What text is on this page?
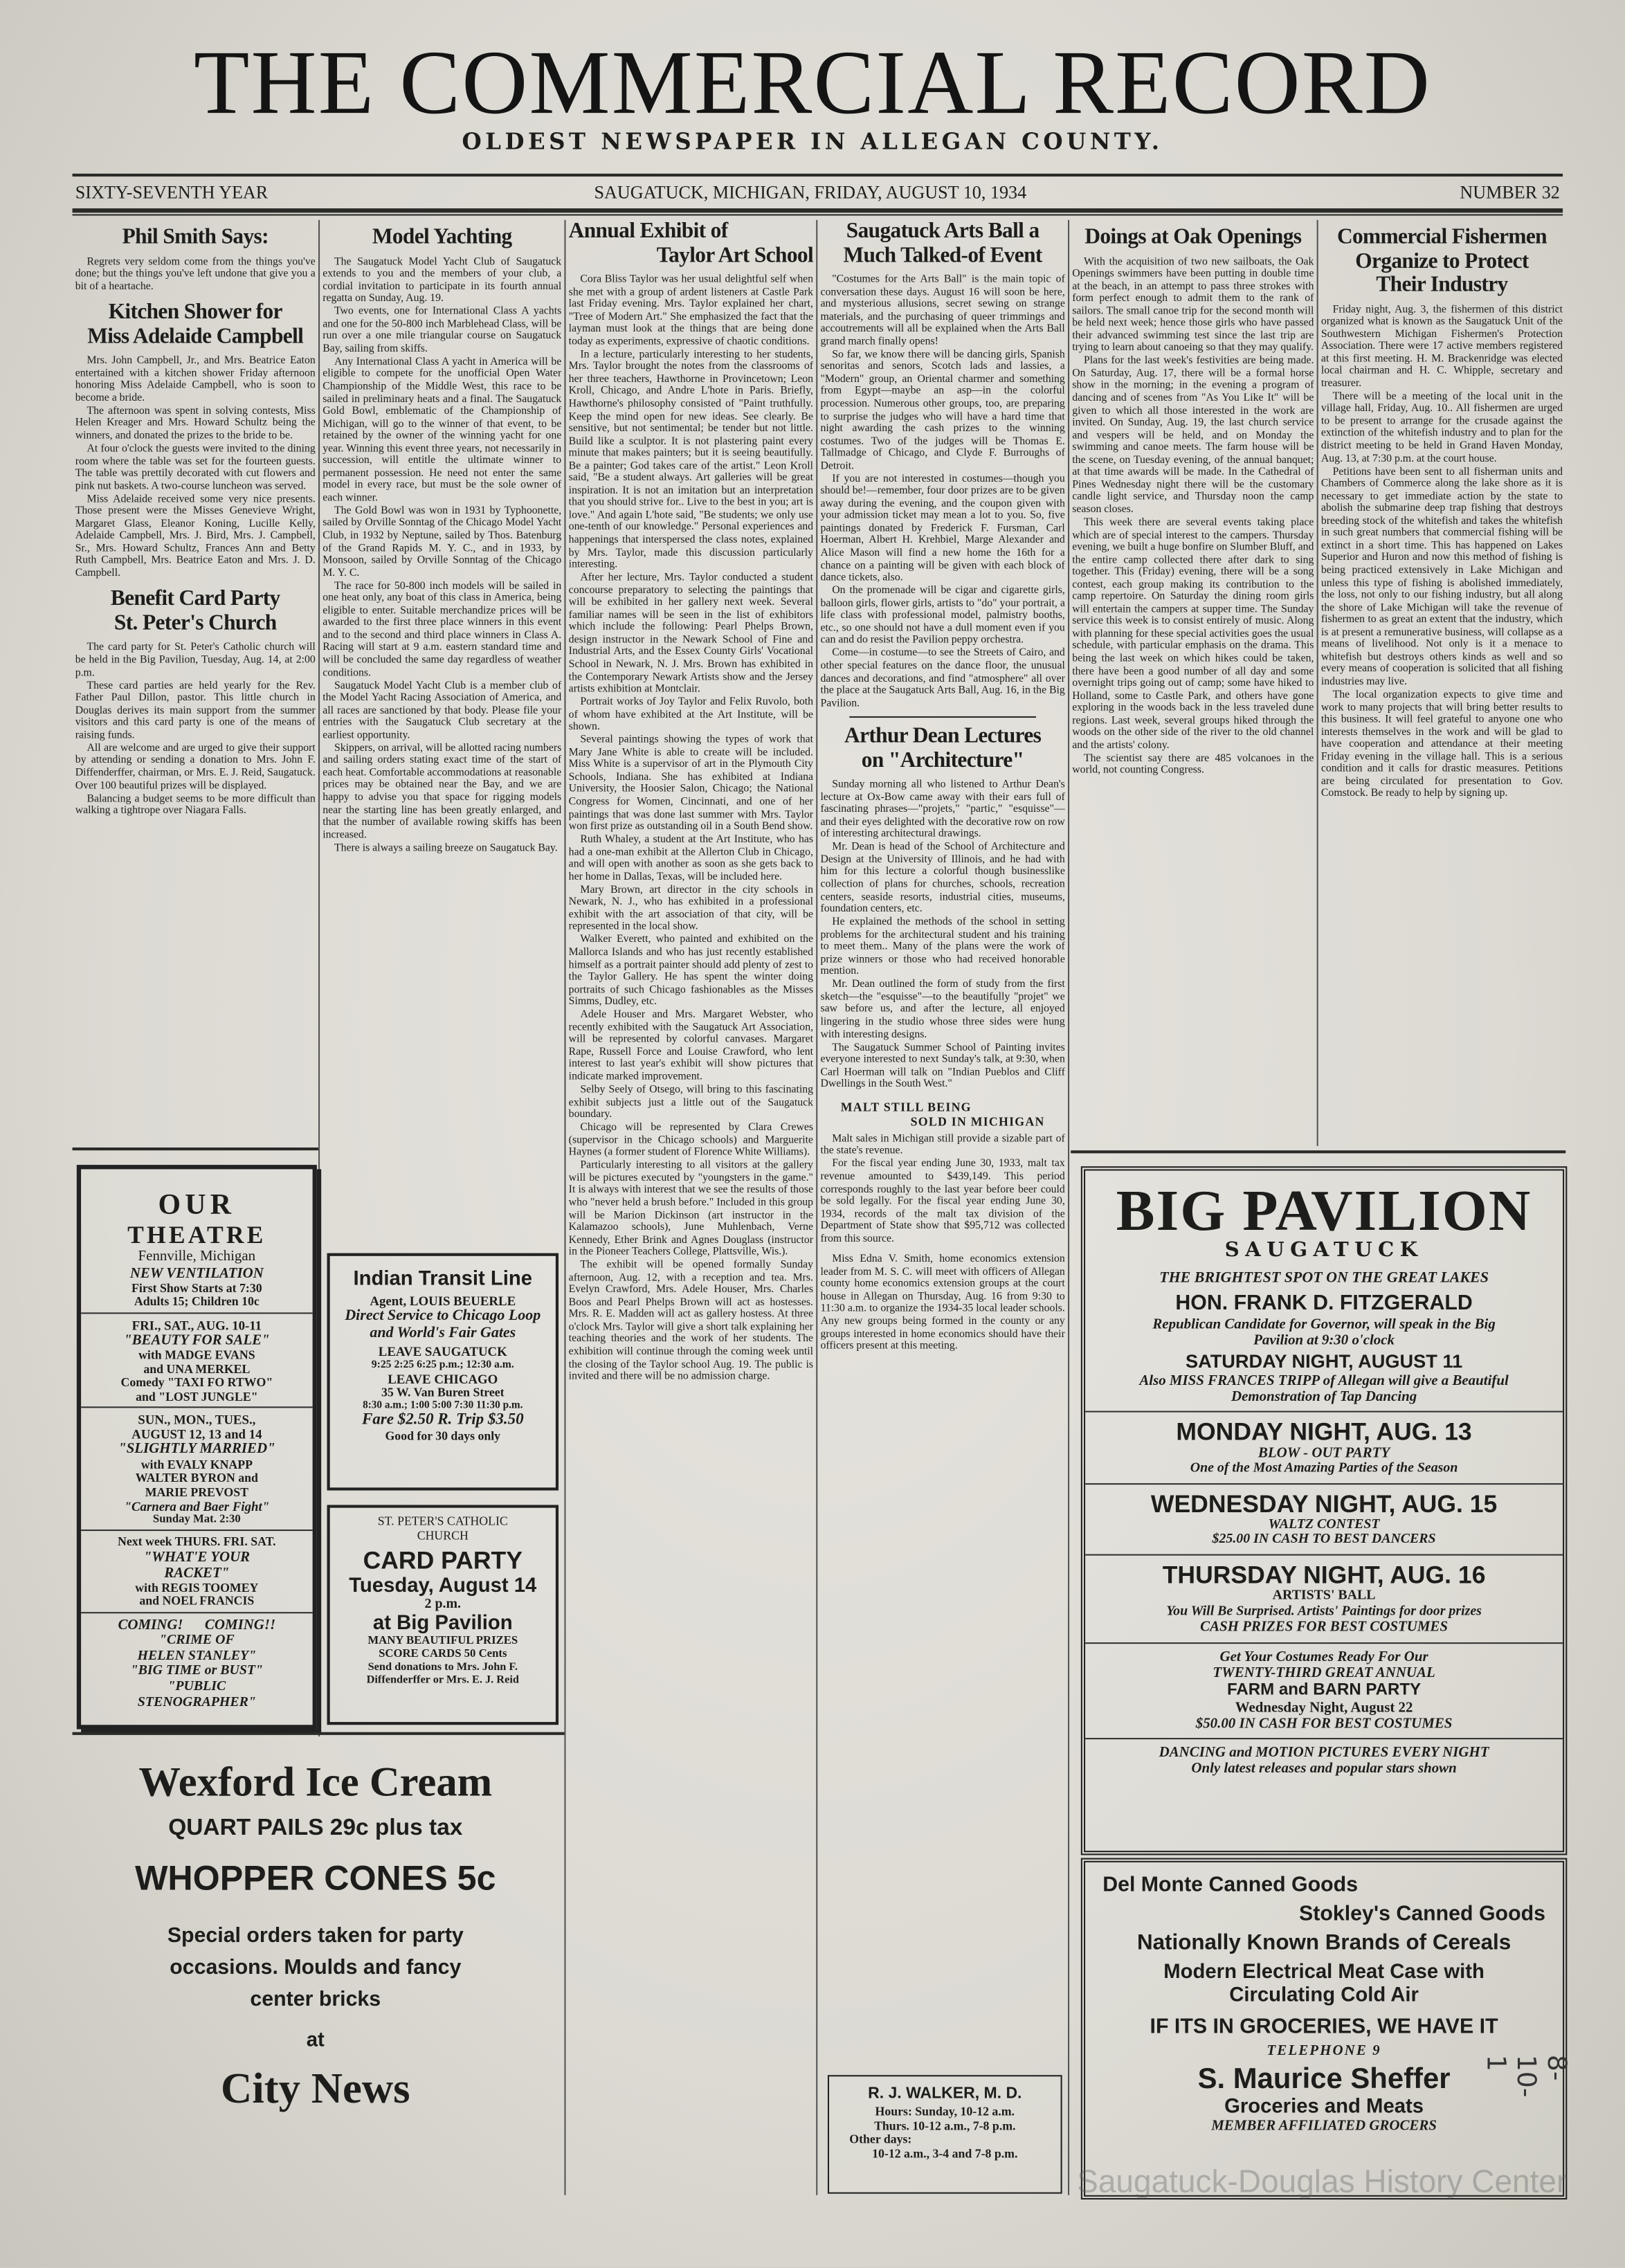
THE COMMERCIAL RECORD
OLDEST NEWSPAPER IN ALLEGAN COUNTY.
SIXTY-SEVENTH YEAR	SAUGATUCK, MICHIGAN, FRIDAY, AUGUST 10, 1934	NUMBER 32
Phil Smith Says:

Regrets very seldom come from the things you've done; but the things you've left undone that give you a bit of a heartache.

Kitchen Shower for
Miss Adelaide Campbell

Mrs. John Campbell, Jr., and Mrs. Beatrice Eaton entertained with a kitchen shower Friday afternoon honoring Miss Adelaide Campbell, who is soon to become a bride.

The afternoon was spent in solving contests, Miss Helen Kreager and Mrs. Howard Schultz being the winners, and donated the prizes to the bride to be.

At four o'clock the guests were invited to the dining room where the table was set for the fourteen guests. The table was prettily decorated with cut flowers and pink nut baskets. A two-course luncheon was served.

Miss Adelaide received some very nice presents. Those present were the Misses Genevieve Wright, Margaret Glass, Eleanor Koning, Lucille Kelly, Adelaide Campbell, Mrs. J. Bird, Mrs. J. Campbell, Sr., Mrs. Howard Schultz, Frances Ann and Betty Ruth Campbell, Mrs. Beatrice Eaton and Mrs. J. D. Campbell.

Benefit Card Party
St. Peter's Church

The card party for St. Peter's Catholic church will be held in the Big Pavilion, Tuesday, Aug. 14, at 2:00 p.m.

These card parties are held yearly for the Rev. Father Paul Dillon, pastor. This little church in Douglas derives its main support from the summer visitors and this card party is one of the means of raising funds.

All are welcome and are urged to give their support by attending or sending a donation to Mrs. John F. Diffenderffer, chairman, or Mrs. E. J. Reid, Saugatuck. Over 100 beautiful prizes will be displayed.

Balancing a budget seems to be more difficult than walking a tightrope over Niagara Falls.

OUR
THEATRE
Fennville, Michigan
NEW VENTILATION
First Show Starts at 7:30
Adults 15; Children 10c
FRI., SAT., AUG. 10-11
"BEAUTY FOR SALE"
with MADGE EVANS
and UNA MERKEL
Comedy "TAXI FO RTWO"
and "LOST JUNGLE"
SUN., MON., TUES.,
AUGUST 12, 13 and 14
"SLIGHTLY MARRIED"
with EVALY KNAPP
WALTER BYRON and
MARIE PREVOST
"Carnera and Baer Fight"
Sunday Mat. 2:30
Next week THURS. FRI. SAT.
"WHAT'E YOUR
RACKET"
with REGIS TOOMEY
and NOEL FRANCIS
COMING!      COMING!!
"CRIME OF
HELEN STANLEY"
"BIG TIME or BUST"
"PUBLIC
STENOGRAPHER"
Wexford Ice Cream
QUART PAILS 29c plus tax
WHOPPER CONES 5c
Special orders taken for party occasions. Moulds and fancy center bricks
at
City News
Model Yachting

The Saugatuck Model Yacht Club of Saugatuck extends to you and the members of your club, a cordial invitation to participate in its fourth annual regatta on Sunday, Aug. 19.

Two events, one for International Class A yachts and one for the 50-800 inch Marblehead Class, will be run over a one mile triangular course on Saugatuck Bay, sailing from skiffs.

Any International Class A yacht in America will be eligible to compete for the unofficial Open Water Championship of the Middle West, this race to be sailed in preliminary heats and a final. The Saugatuck Gold Bowl, emblematic of the Championship of Michigan, will go to the winner of that event, to be retained by the owner of the winning yacht for one year. Winning this event three years, not necessarily in succession, will entitle the ultimate winner to permanent possession. He need not enter the same model in every race, but must be the sole owner of each winner.

The Gold Bowl was won in 1931 by Typhoonette, sailed by Orville Sonntag of the Chicago Model Yacht Club, in 1932 by Neptune, sailed by Thos. Batenburg of the Grand Rapids M. Y. C., and in 1933, by Monsoon, sailed by Orville Sonntag of the Chicago M. Y. C.

The race for 50-800 inch models will be sailed in one heat only, any boat of this class in America, being eligible to enter. Suitable merchandize prices will be awarded to the first three place winners in this event and to the second and third place winners in Class A. Racing will start at 9 a.m. eastern standard time and will be concluded the same day regardless of weather conditions.

Saugatuck Model Yacht Club is a member club of the Model Yacht Racing Association of America, and all races are sanctioned by that body. Please file your entries with the Saugatuck Club secretary at the earliest opportunity.

Skippers, on arrival, will be allotted racing numbers and sailing orders stating exact time of the start of each heat. Comfortable accommodations at reasonable prices may be obtained near the Bay, and we are happy to advise you that space for rigging models near the starting line has been greatly enlarged, and that the number of available rowing skiffs has been increased.

There is always a sailing breeze on Saugatuck Bay.

Indian Transit Line
Agent, LOUIS BEUERLE
Direct Service to Chicago Loop and World's Fair Gates
LEAVE SAUGATUCK
9:25 2:25 6:25 p.m.; 12:30 a.m.
LEAVE CHICAGO
35 W. Van Buren Street
8:30 a.m.; 1:00 5:00 7:30 11:30 p.m.
Fare $2.50 R. Trip $3.50
Good for 30 days only
ST. PETER'S CATHOLIC
CHURCH
CARD PARTY
Tuesday, August 14
2 p.m.
at Big Pavilion
MANY BEAUTIFUL PRIZES
SCORE CARDS 50 Cents
Send donations to Mrs. John F. Diffenderffer or Mrs. E. J. Reid
Annual Exhibit of
Taylor Art School

Cora Bliss Taylor was her usual delightful self when she met with a group of ardent listeners at Castle Park last Friday evening. Mrs. Taylor explained her chart, "Tree of Modern Art." She emphasized the fact that the layman must look at the things that are being done today as experiments, expressive of chaotic conditions.

In a lecture, particularly interesting to her students, Mrs. Taylor brought the notes from the classrooms of her three teachers, Hawthorne in Provincetown; Leon Kroll, Chicago, and Andre L'hote in Paris. Briefly, Hawthorne's philosophy consisted of "Paint truthfully. Keep the mind open for new ideas. See clearly. Be sensitive, but not sentimental; be tender but not little. Build like a sculptor. It is not plastering paint every minute that makes painters; but it is seeing beautifully. Be a painter; God takes care of the artist." Leon Kroll said, "Be a student always. Art galleries will be great inspiration. It is not an imitation but an interpretation that you should strive for.. Live to the best in you; art is love." And again L'hote said, "Be students; we only use one-tenth of our knowledge." Personal experiences and happenings that interspersed the class notes, explained by Mrs. Taylor, made this discussion particularly interesting.

After her lecture, Mrs. Taylor conducted a student concourse preparatory to selecting the paintings that will be exhibited in her gallery next week. Several familiar names will be seen in the list of exhibitors which include the following: Pearl Phelps Brown, design instructor in the Newark School of Fine and Industrial Arts, and the Essex County Girls' Vocational School in Newark, N. J. Mrs. Brown has exhibited in the Contemporary Newark Artists show and the Jersey artists exhibition at Montclair.

Portrait works of Joy Taylor and Felix Ruvolo, both of whom have exhibited at the Art Institute, will be shown.

Several paintings showing the types of work that Mary Jane White is able to create will be included. Miss White is a supervisor of art in the Plymouth City Schools, Indiana. She has exhibited at Indiana University, the Hoosier Salon, Chicago; the National Congress for Women, Cincinnati, and one of her paintings that was done last summer with Mrs. Taylor won first prize as outstanding oil in a South Bend show.

Ruth Whaley, a student at the Art Institute, who has had a one-man exhibit at the Allerton Club in Chicago, and will open with another as soon as she gets back to her home in Dallas, Texas, will be included here.

Mary Brown, art director in the city schools in Newark, N. J., who has exhibited in a professional exhibit with the art association of that city, will be represented in the local show.

Walker Everett, who painted and exhibited on the Mallorca Islands and who has just recently established himself as a portrait painter should add plenty of zest to the Taylor Gallery. He has spent the winter doing portraits of such Chicago fashionables as the Misses Simms, Dudley, etc.

Adele Houser and Mrs. Margaret Webster, who recently exhibited with the Saugatuck Art Association, will be represented by colorful canvases. Margaret Rape, Russell Force and Louise Crawford, who lent interest to last year's exhibit will show pictures that indicate marked improvement.

Selby Seely of Otsego, will bring to this fascinating exhibit subjects just a little out of the Saugatuck boundary.

Chicago will be represented by Clara Crewes (supervisor in the Chicago schools) and Marguerite Haynes (a former student of Florence White Williams).

Particularly interesting to all visitors at the gallery will be pictures executed by "youngsters in the game." It is always with interest that we see the results of those who "never held a brush before." Included in this group will be Marion Dickinson (art instructor in the Kalamazoo schools), June Muhlenbach, Verne Kennedy, Ether Brink and Agnes Douglass (instructor in the Pioneer Teachers College, Plattsville, Wis.).

The exhibit will be opened formally Sunday afternoon, Aug. 12, with a reception and tea. Mrs. Evelyn Crawford, Mrs. Adele Houser, Mrs. Charles Boos and Pearl Phelps Brown will act as hostesses. Mrs. R. E. Madden will act as gallery hostess. At three o'clock Mrs. Taylor will give a short talk explaining her teaching theories and the work of her students. The exhibition will continue through the coming week until the closing of the Taylor school Aug. 19. The public is invited and there will be no admission charge.

Saugatuck Arts Ball a
Much Talked-of Event

"Costumes for the Arts Ball" is the main topic of conversation these days. August 16 will soon be here, and mysterious allusions, secret sewing on strange materials, and the purchasing of queer trimmings and accoutrements will all be explained when the Arts Ball grand march finally opens!

So far, we know there will be dancing girls, Spanish senoritas and senors, Scotch lads and lassies, a "Modern" group, an Oriental charmer and something from Egypt—maybe an asp—in the colorful procession. Numerous other groups, too, are preparing to surprise the judges who will have a hard time that night awarding the cash prizes to the winning costumes. Two of the judges will be Thomas E. Tallmadge of Chicago, and Clyde F. Burroughs of Detroit.

If you are not interested in costumes—though you should be!—remember, four door prizes are to be given away during the evening, and the coupon given with your admission ticket may mean a lot to you. So, five paintings donated by Frederick F. Fursman, Carl Hoerman, Albert H. Krehbiel, Marge Alexander and Alice Mason will find a new home the 16th for a chance on a painting will be given with each block of dance tickets, also.

On the promenade will be cigar and cigarette girls, balloon girls, flower girls, artists to "do" your portrait, a life class with professional model, palmistry booths, etc., so one should not have a dull moment even if you can and do resist the Pavilion peppy orchestra.

Come—in costume—to see the Streets of Cairo, and other special features on the dance floor, the unusual dances and decorations, and find "atmosphere" all over the place at the Saugatuck Arts Ball, Aug. 16, in the Big Pavilion.

Arthur Dean Lectures
on "Architecture"

Sunday morning all who listened to Arthur Dean's lecture at Ox-Bow came away with their ears full of fascinating phrases—"projets," "partic," "esquisse"—and their eyes delighted with the decorative row on row of interesting architectural drawings.

Mr. Dean is head of the School of Architecture and Design at the University of Illinois, and he had with him for this lecture a colorful though businesslike collection of plans for churches, schools, recreation centers, seaside resorts, industrial cities, museums, foundation centers, etc.

He explained the methods of the school in setting problems for the architectural student and his training to meet them.. Many of the plans were the work of prize winners or those who had received honorable mention.

Mr. Dean outlined the form of study from the first sketch—the "esquisse"—to the beautifully "projet" we saw before us, and after the lecture, all enjoyed lingering in the studio whose three sides were hung with interesting designs.

The Saugatuck Summer School of Painting invites everyone interested to next Sunday's talk, at 9:30, when Carl Hoerman will talk on "Indian Pueblos and Cliff Dwellings in the South West."

MALT STILL BEING
SOLD IN MICHIGAN

Malt sales in Michigan still provide a sizable part of the state's revenue.

For the fiscal year ending June 30, 1933, malt tax revenue amounted to $439,149. This period corresponds roughly to the last year before beer could be sold legally. For the fiscal year ending June 30, 1934, records of the malt tax division of the Department of State show that $95,712 was collected from this source.

Miss Edna V. Smith, home economics extension leader from M. S. C. will meet with officers of Allegan county home economics extension groups at the court house in Allegan on Thursday, Aug. 16 from 9:30 to 11:30 a.m. to organize the 1934-35 local leader schools. Any new groups being formed in the county or any groups interested in home economics should have their officers present at this meeting.

R. J. WALKER, M. D.
Hours: Sunday, 10-12 a.m.
Thurs. 10-12 a.m., 7-8 p.m.
Other days:
10-12 a.m., 3-4 and 7-8 p.m.
Doings at Oak Openings

With the acquisition of two new sailboats, the Oak Openings swimmers have been putting in double time at the beach, in an attempt to pass three strokes with form perfect enough to admit them to the rank of sailors. The small canoe trip for the second month will be held next week; hence those girls who have passed their advanced swimming test since the last trip are trying to learn about canoeing so that they may qualify.

Plans for the last week's festivities are being made. On Saturday, Aug. 17, there will be a formal horse show in the morning; in the evening a program of dancing and of scenes from "As You Like It" will be given to which all those interested in the work are invited. On Sunday, Aug. 19, the last church service and vespers will be held, and on Monday the swimming and canoe meets. The farm house will be the scene, on Tuesday evening, of the annual banquet; at that time awards will be made. In the Cathedral of Pines Wednesday night there will be the customary candle light service, and Thursday noon the camp season closes.

This week there are several events taking place which are of special interest to the campers. Thursday evening, we built a huge bonfire on Slumber Bluff, and the entire camp collected there after dark to sing together. This (Friday) evening, there will be a song contest, each group making its contribution to the camp repertoire. On Saturday the dining room girls will entertain the campers at supper time. The Sunday service this week is to consist entirely of music. Along with planning for these special activities goes the usual schedule, with particular emphasis on the drama. This being the last week on which hikes could be taken, there have been a good number of all day and some overnight trips going out of camp; some have hiked to Holland, some to Castle Park, and others have gone exploring in the woods back in the less traveled dune regions. Last week, several groups hiked through the woods on the other side of the river to the old channel and the artists' colony.

The scientist say there are 485 volcanoes in the world, not counting Congress.

Commercial Fishermen
Organize to Protect
Their Industry

Friday night, Aug. 3, the fishermen of this district organized what is known as the Saugatuck Unit of the Southwestern Michigan Fishermen's Protection Association. There were 17 active members registered at this first meeting. H. M. Brackenridge was elected local chairman and H. C. Whipple, secretary and treasurer.

There will be a meeting of the local unit in the village hall, Friday, Aug. 10.. All fishermen are urged to be present to arrange for the crusade against the extinction of the whitefish industry and to plan for the district meeting to be held in Grand Haven Monday, Aug. 13, at 7:30 p.m. at the court house.

Petitions have been sent to all fisherman units and Chambers of Commerce along the lake shore as it is necessary to get immediate action by the state to abolish the submarine deep trap fishing that destroys breeding stock of the whitefish and takes the whitefish in such great numbers that commercial fishing will be extinct in a short time. This has happened on Lakes Superior and Huron and now this method of fishing is being practiced extensively in Lake Michigan and unless this type of fishing is abolished immediately, the loss, not only to our fishing industry, but all along the shore of Lake Michigan will take the revenue of fishermen to as great an extent that the industry, which is at present a remunerative business, will collapse as a means of livelihood. Not only is it a menace to whitefish but destroys others kinds as well and so every means of cooperation is solicited that all fishing industries may live.

The local organization expects to give time and work to many projects that will bring better results to this business. It will feel grateful to anyone one who interests themselves in the work and will be glad to have cooperation and attendance at their meeting Friday evening in the village hall. This is a serious condition and it calls for drastic measures. Petitions are being circulated for presentation to Gov. Comstock. Be ready to help by signing up.

BIG PAVILION
SAUGATUCK
THE BRIGHTEST SPOT ON THE GREAT LAKES
HON. FRANK D. FITZGERALD
Republican Candidate for Governor, will speak in the Big Pavilion at 9:30 o'clock
SATURDAY NIGHT, AUGUST 11
Also MISS FRANCES TRIPP of Allegan will give a Beautiful Demonstration of Tap Dancing
MONDAY NIGHT, AUG. 13
BLOW - OUT PARTY
One of the Most Amazing Parties of the Season
WEDNESDAY NIGHT, AUG. 15
WALTZ CONTEST
$25.00 IN CASH TO BEST DANCERS
THURSDAY NIGHT, AUG. 16
ARTISTS' BALL
You Will Be Surprised. Artists' Paintings for door prizes
CASH PRIZES FOR BEST COSTUMES
Get Your Costumes Ready For Our
TWENTY-THIRD GREAT ANNUAL
FARM and BARN PARTY
Wednesday Night, August 22
$50.00 IN CASH FOR BEST COSTUMES
DANCING and MOTION PICTURES EVERY NIGHT
Only latest releases and popular stars shown
Del Monte Canned Goods
Stokley's Canned Goods
Nationally Known Brands of Cereals
Modern Electrical Meat Case with Circulating Cold Air
IF ITS IN GROCERIES, WE HAVE IT
TELEPHONE 9
S. Maurice Sheffer
Groceries and Meats
MEMBER AFFILIATED GROCERS
8-10-1
Saugatuck-Douglas History Center
